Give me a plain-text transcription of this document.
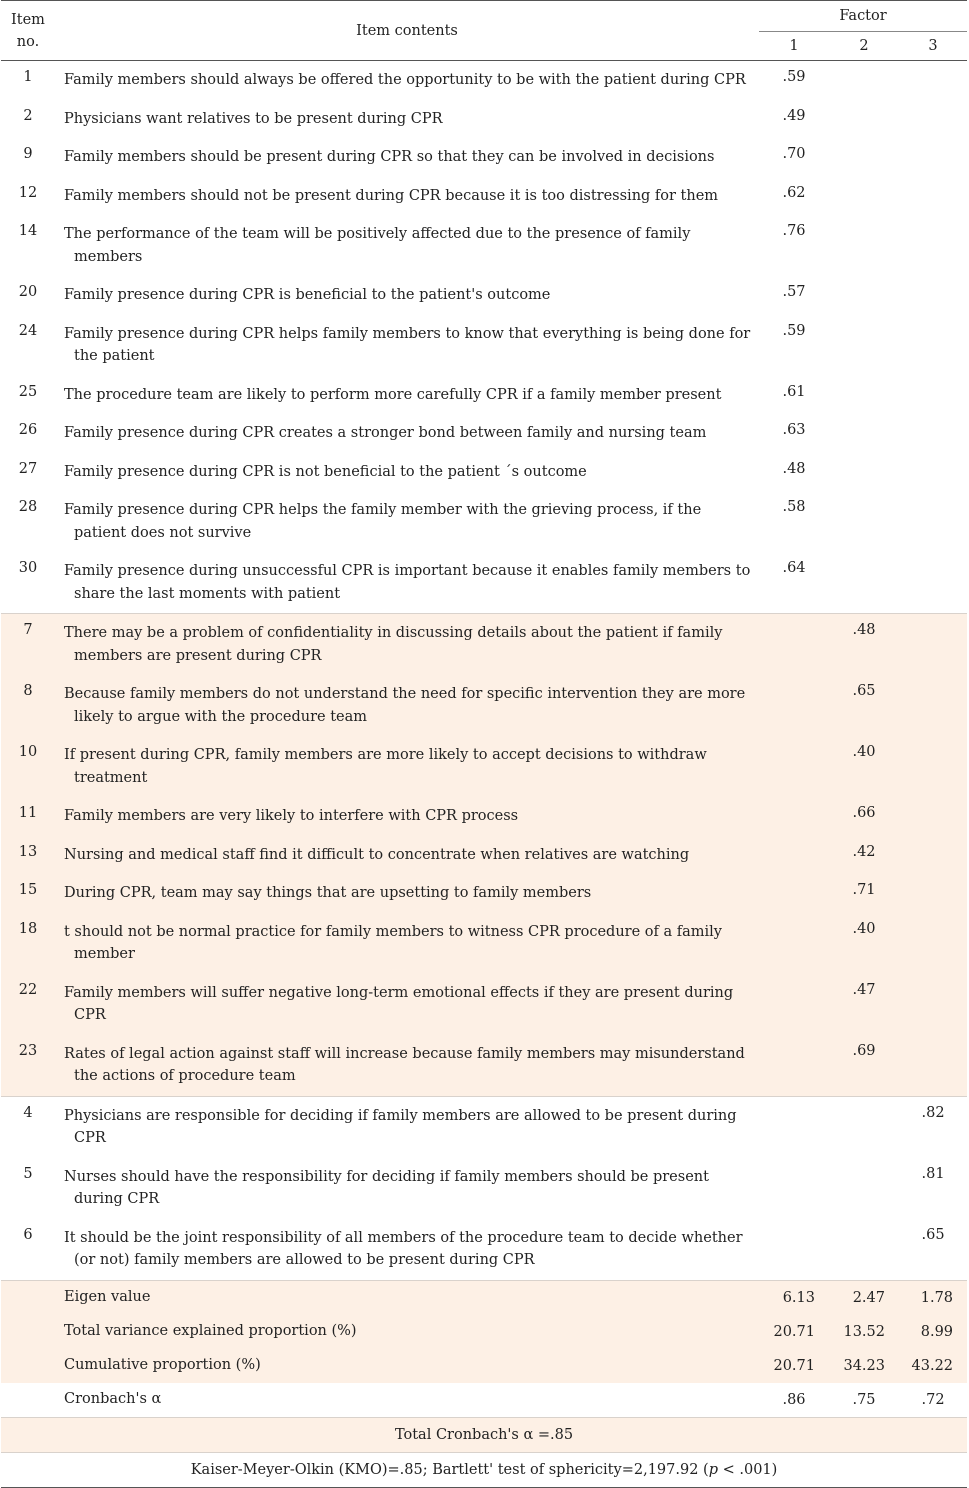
Item no.	Item contents	Factor		
		1	2	3
1	Family members should always be offered the opportunity to be with the patient during CPR	.59		
2	Physicians want relatives to be present during CPR	.49		
9	Family members should be present during CPR so that they can be involved in decisions	.70		
12	Family members should not be present during CPR because it is too distressing for them	.62		
14	The performance of the team will be positively affected due to the presence of family members	.76		
20	Family presence during CPR is beneficial to the patient's outcome	.57		
24	Family presence during CPR helps family members to know that everything is being done for the patient	.59		
25	The procedure team are likely to perform more carefully CPR if a family member present	.61		
26	Family presence during CPR creates a stronger bond between family and nursing team	.63		
27	Family presence during CPR is not beneficial to the patient ´s outcome	.48		
28	Family presence during CPR helps the family member with the grieving process, if the patient does not survive	.58		
30	Family presence during unsuccessful CPR is important because it enables family members to share the last moments with patient	.64		
7	There may be a problem of confidentiality in discussing details about the patient if family members are present during CPR		.48	
8	Because family members do not understand the need for specific intervention they are more likely to argue with the procedure team		.65	
10	If present during CPR, family members are more likely to accept decisions to withdraw treatment		.40	
11	Family members are very likely to interfere with CPR process		.66	
13	Nursing and medical staff find it difficult to concentrate when relatives are watching		.42	
15	During CPR, team may say things that are upsetting to family members		.71	
18	t should not be normal practice for family members to witness CPR procedure of a family member		.40	
22	Family members will suffer negative long-term emotional effects if they are present during CPR		.47	
23	Rates of legal action against staff will increase because family members may misunderstand the actions of procedure team		.69	
4	Physicians are responsible for deciding if family members are allowed to be present during CPR			.82
5	Nurses should have the responsibility for deciding if family members should be present during CPR			.81
6	It should be the joint responsibility of all members of the procedure team to decide whether (or not) family members are allowed to be present during CPR			.65
	Eigen value	6.13	2.47	1.78
	Total variance explained proportion (%)	20.71	13.52	8.99
	Cumulative proportion (%)	20.71	34.23	43.22
	Cronbach's α	.86	.75	.72
Total Cronbach's α =.85				
Kaiser-Meyer-Olkin (KMO)=.85; Bartlett' test of sphericity=2,197.92 (p < .001)				
